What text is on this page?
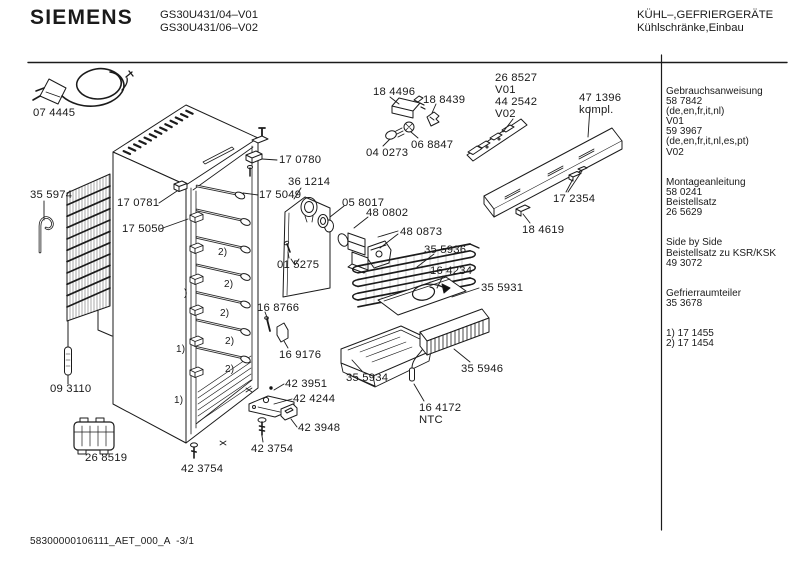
SIEMENS GS30U431/04–V01
GS30U431/06–V02
KÜHL–,GEFRIERGERÄTE
Kühlschränke,Einbau
07 4445
35 5974
17 0781
17 5050
09 3110
26 8519
42 3754
17 0780
36 1214
17 5049
05 8017
48 0802
48 0873
01 5275
16 8766
16 9176
42 3951
42 4244
42 3948
42 3754
18 4496
18 8439
04 0273
06 8847
26 8527
V01
44 2542
V02
47 1396
kompl.
17 2354
18 4619
35 5936
16 4234
35 5931
35 5946
35 5934
16 4172
NTC
2)
2)
2)
2)
2)
1)
1)
)
Gebrauchsanweisung
58 7842
(de,en,fr,it,nl)
V01
59 3967
(de,en,fr,it,nl,es,pt)
V02

Montageanleitung
58 0241
Beistellsatz
26 5629

Side by Side
Beistellsatz zu KSR/KSK
49 3072

Gefrierraumteiler
35 3678

1) 17 1455
2) 17 1454
58300000106111_AET_000_A  -3/1
